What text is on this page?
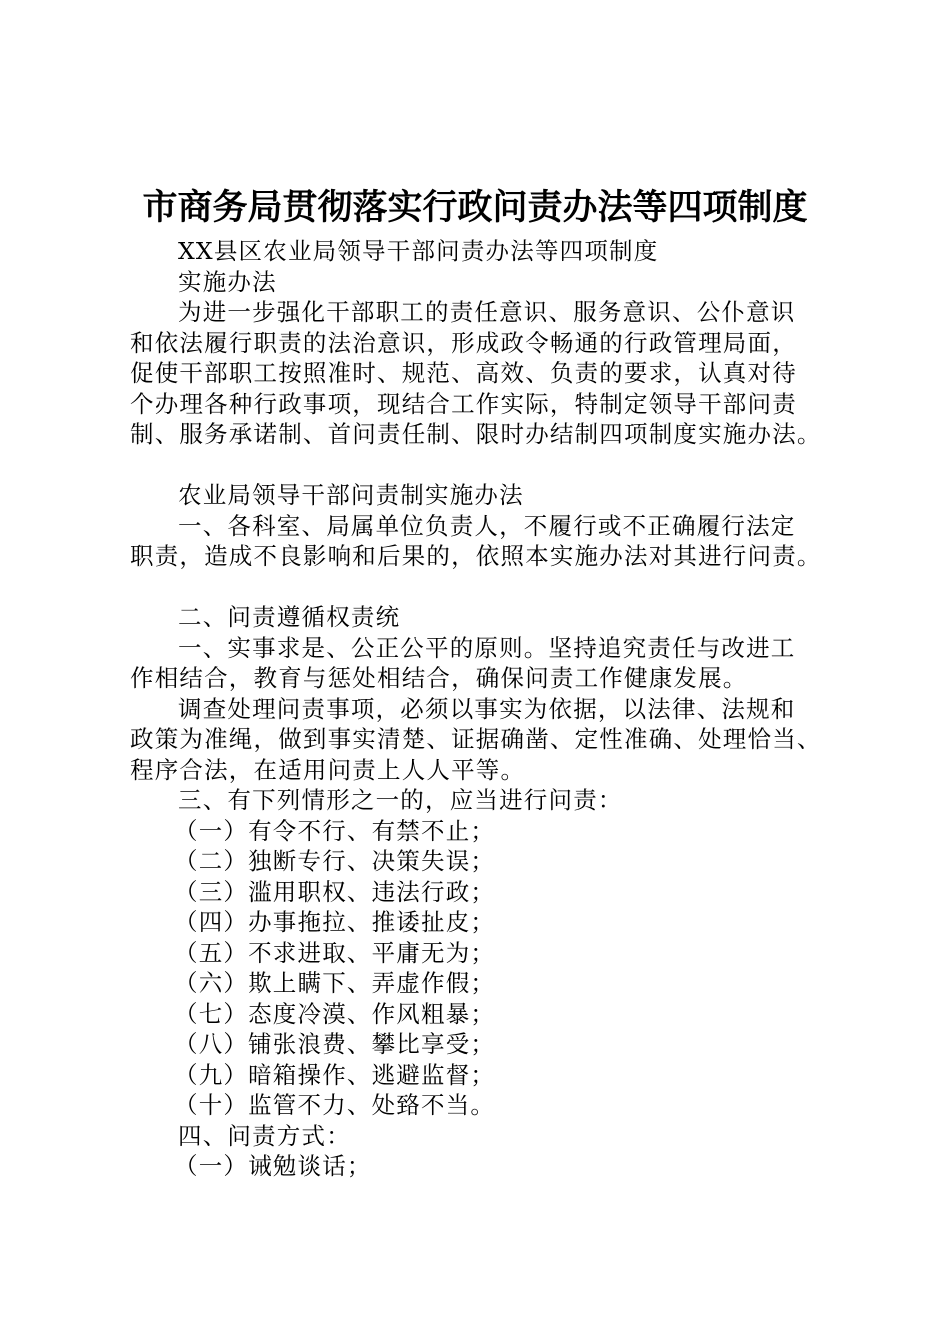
市商务局贯彻落实行政问责办法等四项制度
XX县区农业局领导干部问责办法等四项制度
实施办法
为进一步强化干部职工的责任意识、服务意识、公仆意识
和依法履行职责的法治意识，形成政令畅通的行政管理局面，
促使干部职工按照准时、规范、高效、负责的要求，认真对待
个办理各种行政事项，现结合工作实际，特制定领导干部问责
制、服务承诺制、首问责任制、限时办结制四项制度实施办法。
农业局领导干部问责制实施办法
一、各科室、局属单位负责人，不履行或不正确履行法定
职责，造成不良影响和后果的，依照本实施办法对其进行问责。
二、问责遵循权责统
一、实事求是、公正公平的原则。坚持追究责任与改进工
作相结合，教育与惩处相结合，确保问责工作健康发展。
调查处理问责事项，必须以事实为依据，以法律、法规和
政策为准绳，做到事实清楚、证据确凿、定性准确、处理恰当、
程序合法，在适用问责上人人平等。
三、有下列情形之一的，应当进行问责：
（一）有令不行、有禁不止；
（二）独断专行、决策失误；
（三）滥用职权、违法行政；
（四）办事拖拉、推诿扯皮；
（五）不求进取、平庸无为；
（六）欺上瞒下、弄虚作假；
（七）态度冷漠、作风粗暴；
（八）铺张浪费、攀比享受；
（九）暗箱操作、逃避监督；
（十）监管不力、处臵不当。
四、问责方式：
（一）诫勉谈话；
